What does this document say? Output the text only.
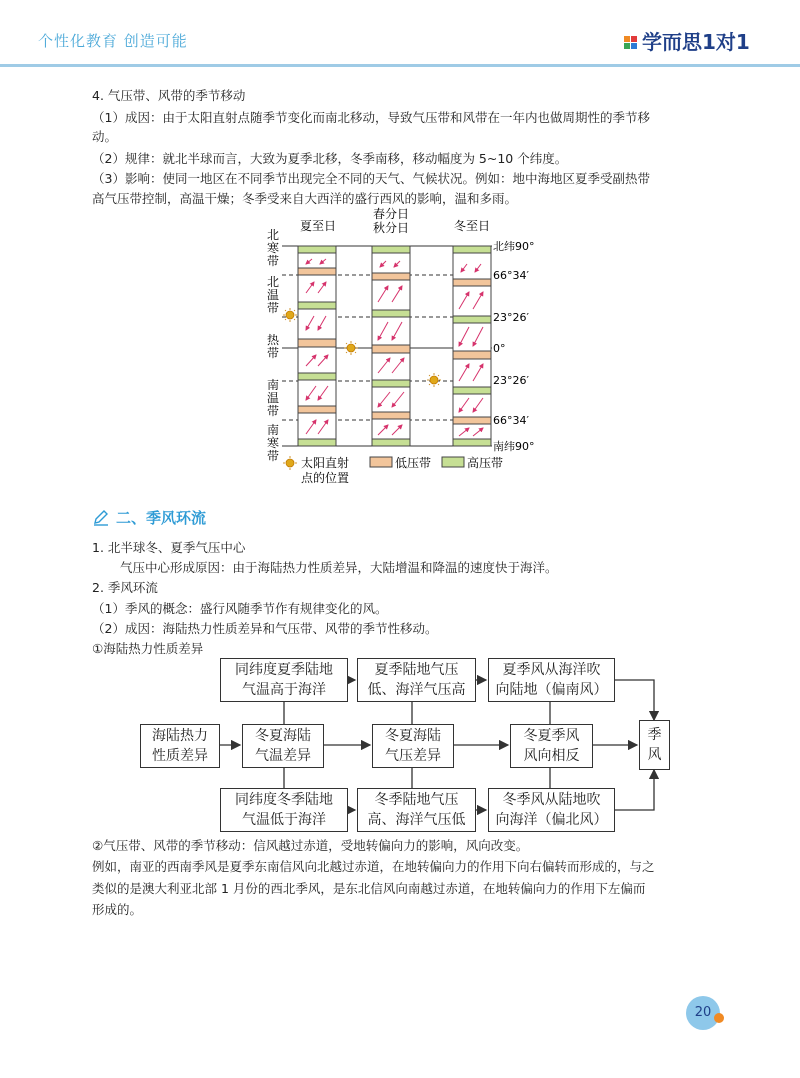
个性化教育 创造可能	学而思1对1
4. 气压带、风带的季节移动
（1）成因：由于太阳直射点随季节变化而南北移动，导致气压带和风带在一年内也做周期性的季节移
动。
（2）规律：就北半球而言，大致为夏季北移，冬季南移，移动幅度为 5~10 个纬度。
（3）影响：使同一地区在不同季节出现完全不同的天气、气候状况。例如：地中海地区夏季受副热带
高气压带控制，高温干燥；冬季受来自大西洋的盛行西风的影响，温和多雨。
夏至日
春分日
秋分日	冬至日
北
寒
带
北
温
带
热
带
南
温
带
南
寒
带
北纬90°
66°34′
23°26′
0°
23°26′
66°34′
南纬90°
太阳直射
点的位置
低压带	高压带
二、季风环流
1. 北半球冬、夏季气压中心
气压中心形成原因：由于海陆热力性质差异，大陆增温和降温的速度快于海洋。
2. 季风环流
（1）季风的概念：盛行风随季节作有规律变化的风。
（2）成因：海陆热力性质差异和气压带、风带的季节性移动。
①海陆热力性质差异
海陆热力
性质差异
冬夏海陆
气温差异
冬夏海陆
气压差异
冬夏季风
风向相反
季
风
同纬度夏季陆地
气温高于海洋
夏季陆地气压
低、海洋气压高
夏季风从海洋吹
向陆地（偏南风）
同纬度冬季陆地
气温低于海洋
冬季陆地气压
高、海洋气压低
冬季风从陆地吹
向海洋（偏北风）
②气压带、风带的季节移动：信风越过赤道，受地转偏向力的影响，风向改变。
例如，南亚的西南季风是夏季东南信风向北越过赤道，在地转偏向力的作用下向右偏转而形成的，与之
类似的是澳大利亚北部 1 月份的西北季风，是东北信风向南越过赤道，在地转偏向力的作用下左偏而
形成的。
20
